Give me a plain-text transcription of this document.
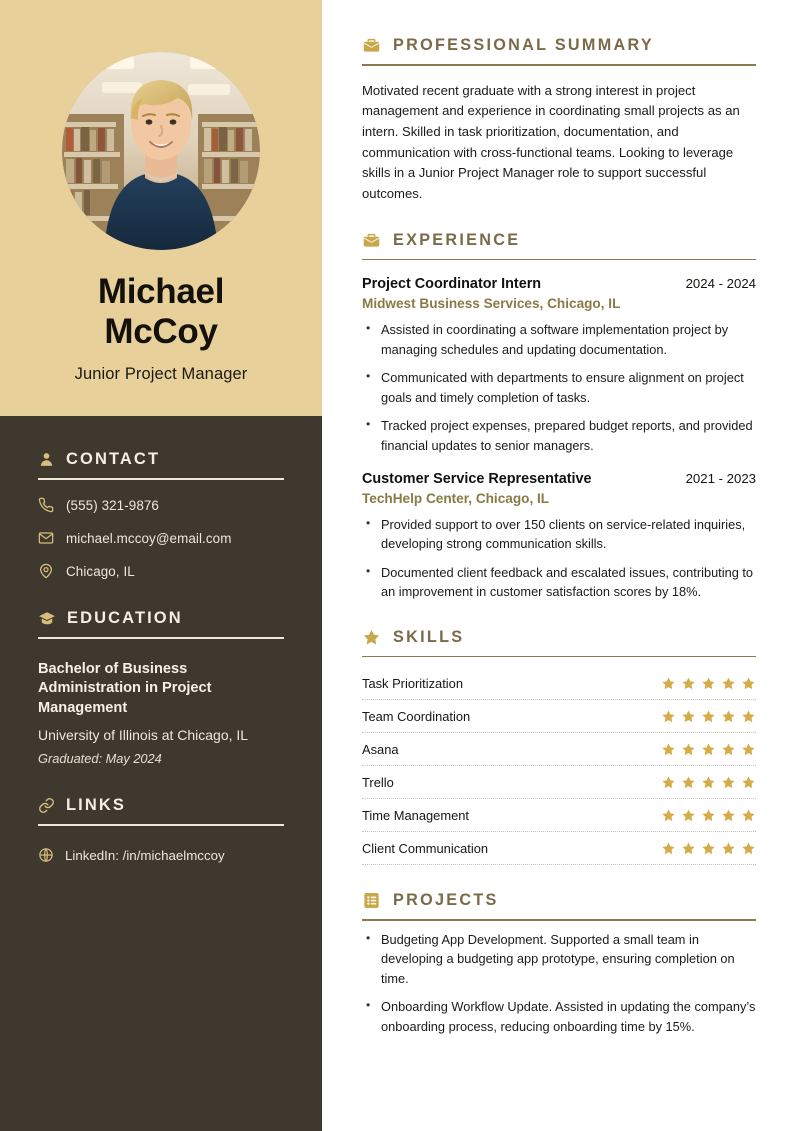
Michael
McCoy
Junior Project Manager
CONTACT
(555) 321-9876
michael.mccoy@email.com
Chicago, IL
EDUCATION
Bachelor of Business Administration in Project Management
University of Illinois at Chicago, IL
Graduated: May 2024
LINKS
LinkedIn: /in/michaelmccoy
PROFESSIONAL SUMMARY

Motivated recent graduate with a strong interest in project management and experience in coordinating small projects as an intern. Skilled in task prioritization, documentation, and communication with cross-functional teams. Looking to leverage skills in a Junior Project Manager role to support successful outcomes.

EXPERIENCE
Project Coordinator Intern	2024 - 2024
Midwest Business Services, Chicago, IL
• Assisted in coordinating a software implementation project by managing schedules and updating documentation.
• Communicated with departments to ensure alignment on project goals and timely completion of tasks.
• Tracked project expenses, prepared budget reports, and provided financial updates to senior managers.
Customer Service Representative	2021 - 2023
TechHelp Center, Chicago, IL
• Provided support to over 150 clients on service-related inquiries, developing strong communication skills.
• Documented client feedback and escalated issues, contributing to an improvement in customer satisfaction scores by 18%.
SKILLS
Task Prioritization
Team Coordination
Asana
Trello
Time Management
Client Communication
PROJECTS
• Budgeting App Development. Supported a small team in developing a budgeting app prototype, ensuring completion on time.
• Onboarding Workflow Update. Assisted in updating the company’s onboarding process, reducing onboarding time by 15%.
